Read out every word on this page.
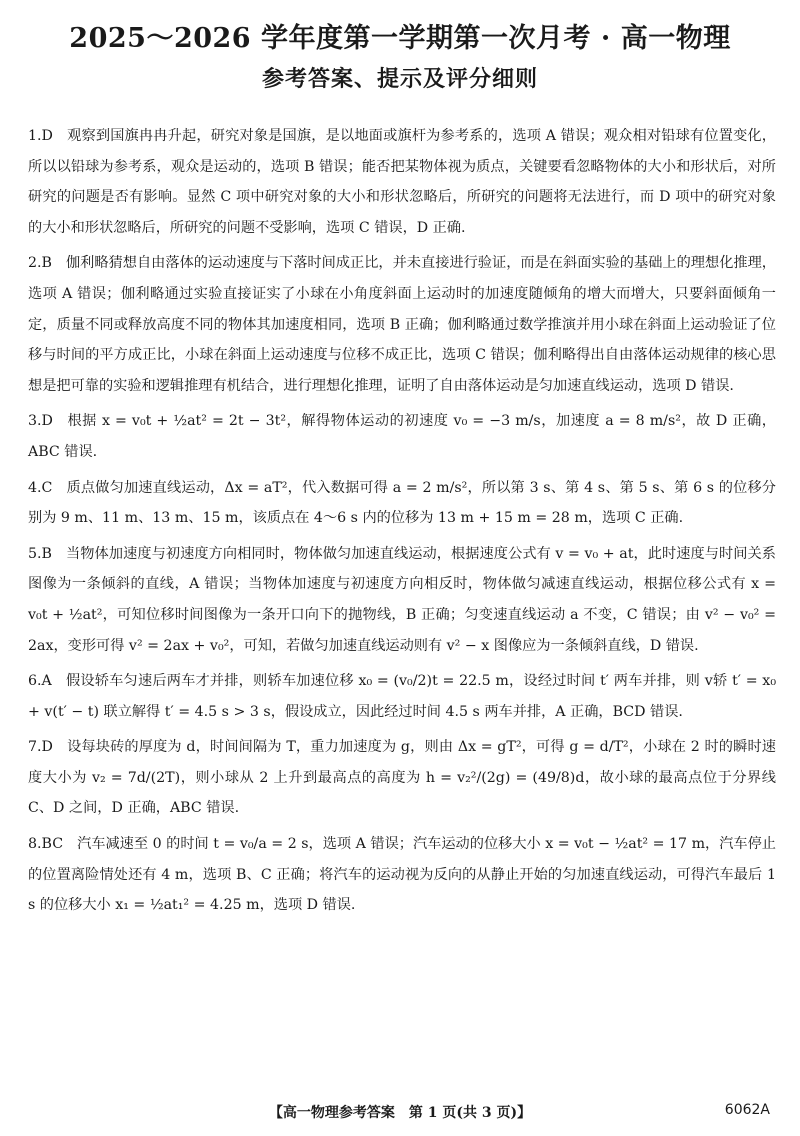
2025～2026 学年度第一学期第一次月考 · 高一物理
参考答案、提示及评分细则

1.D 观察到国旗冉冉升起，研究对象是国旗，是以地面或旗杆为参考系的，选项 A 错误；观众相对铅球有位置变化，所以以铅球为参考系，观众是运动的，选项 B 错误；能否把某物体视为质点，关键要看忽略物体的大小和形状后，对所研究的问题是否有影响。显然 C 项中研究对象的大小和形状忽略后，所研究的问题将无法进行，而 D 项中的研究对象的大小和形状忽略后，所研究的问题不受影响，选项 C 错误，D 正确.

2.B 伽利略猜想自由落体的运动速度与下落时间成正比，并未直接进行验证，而是在斜面实验的基础上的理想化推理，选项 A 错误；伽利略通过实验直接证实了小球在小角度斜面上运动时的加速度随倾角的增大而增大，只要斜面倾角一定，质量不同或释放高度不同的物体其加速度相同，选项 B 正确；伽利略通过数学推演并用小球在斜面上运动验证了位移与时间的平方成正比，小球在斜面上运动速度与位移不成正比，选项 C 错误；伽利略得出自由落体运动规律的核心思想是把可靠的实验和逻辑推理有机结合，进行理想化推理，证明了自由落体运动是匀加速直线运动，选项 D 错误.

3.D 根据 x = v₀t + ½at² = 2t − 3t²，解得物体运动的初速度 v₀ = −3 m/s，加速度 a = 8 m/s²，故 D 正确，ABC 错误.

4.C 质点做匀加速直线运动，Δx = aT²，代入数据可得 a = 2 m/s²，所以第 3 s、第 4 s、第 5 s、第 6 s 的位移分别为 9 m、11 m、13 m、15 m，该质点在 4～6 s 内的位移为 13 m + 15 m = 28 m，选项 C 正确.

5.B 当物体加速度与初速度方向相同时，物体做匀加速直线运动，根据速度公式有 v = v₀ + at，此时速度与时间关系图像为一条倾斜的直线，A 错误；当物体加速度与初速度方向相反时，物体做匀减速直线运动，根据位移公式有 x = v₀t + ½at²，可知位移时间图像为一条开口向下的抛物线，B 正确；匀变速直线运动 a 不变，C 错误；由 v² − v₀² = 2ax，变形可得 v² = 2ax + v₀²，可知，若做匀加速直线运动则有 v² − x 图像应为一条倾斜直线，D 错误.

6.A 假设轿车匀速后两车才并排，则轿车加速位移 x₀ = (v₀/2)t = 22.5 m，设经过时间 t′ 两车并排，则 v轿 t′ = x₀ + v(t′ − t) 联立解得 t′ = 4.5 s > 3 s，假设成立，因此经过时间 4.5 s 两车并排，A 正确，BCD 错误.

7.D 设每块砖的厚度为 d，时间间隔为 T，重力加速度为 g，则由 Δx = gT²，可得 g = d/T²，小球在 2 时的瞬时速度大小为 v₂ = 7d/(2T)，则小球从 2 上升到最高点的高度为 h = v₂²/(2g) = (49/8)d，故小球的最高点位于分界线 C、D 之间，D 正确，ABC 错误.

8.BC 汽车减速至 0 的时间 t = v₀/a = 2 s，选项 A 错误；汽车运动的位移大小 x = v₀t − ½at² = 17 m，汽车停止的位置离险情处还有 4 m，选项 B、C 正确；将汽车的运动视为反向的从静止开始的匀加速直线运动，可得汽车最后 1 s 的位移大小 x₁ = ½at₁² = 4.25 m，选项 D 错误.

【高一物理参考答案　第 1 页(共 3 页)】	6062A
